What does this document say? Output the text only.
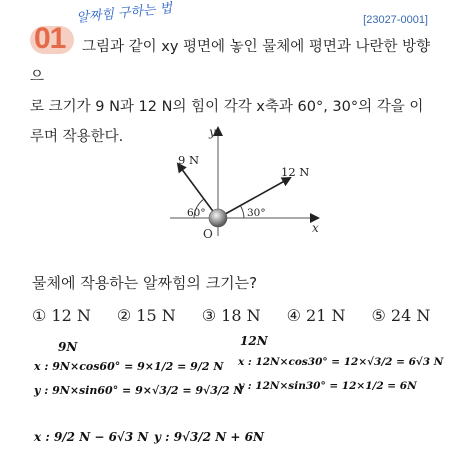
01
알짜힘 구하는 법	[23027-0001]
그림과 같이 xy 평면에 놓인 물체에 평면과 나란한 방향으
로 크기가 9 N과 12 N의 힘이 각각 x축과 60°, 30°의 각을 이
루며 작용한다.	y
x
O
9 N
12 N
60°	30°
물체에 작용하는 알짜힘의 크기는?
① 12 N ② 15 N ③ 18 N ④ 21 N ⑤ 24 N
9N	12N
x : 9N×cos60° = 9×1/2 = 9/2 N
y : 9N×sin60° = 9×√3/2 = 9√3/2 N
x : 12N×cos30° = 12×√3/2 = 6√3 N
y : 12N×sin30° = 12×1/2 = 6N
x : 9/2 N − 6√3 N y : 9√3/2 N + 6N
